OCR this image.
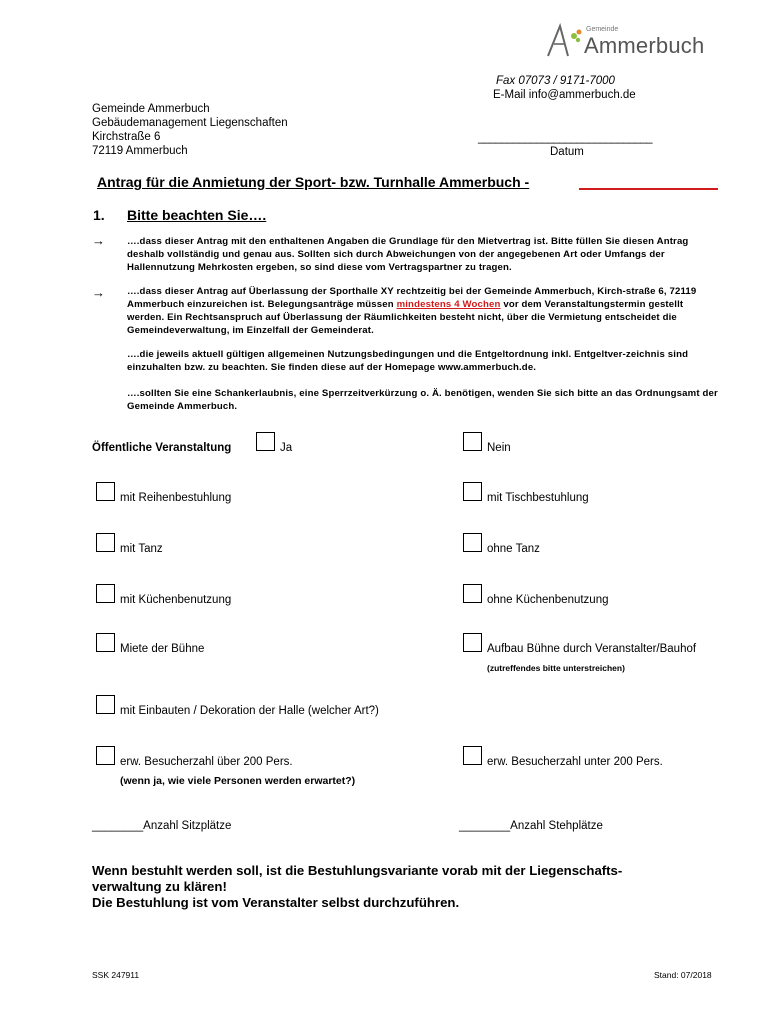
Gemeinde
Ammerbuch
Fax 07073 / 9171-7000
E-Mail info@ammerbuch.de
Gemeinde Ammerbuch
Gebäudemanagement Liegenschaften
Kirchstraße 6
72119 Ammerbuch
______________________________
Datum
Antrag für die Anmietung der Sport- bzw. Turnhalle Ammerbuch -
1. Bitte beachten Sie….
→ ….dass dieser Antrag mit den enthaltenen Angaben die Grundlage für den Mietvertrag ist. Bitte füllen Sie diesen Antrag deshalb vollständig und genau aus. Sollten sich durch Abweichungen von der angegebenen Art oder Umfangs der Hallennutzung Mehrkosten ergeben, so sind diese vom Vertragspartner zu tragen.
→ ….dass dieser Antrag auf Überlassung der Sporthalle XY rechtzeitig bei der Gemeinde Ammerbuch, Kirch-straße 6, 72119 Ammerbuch einzureichen ist. Belegungsanträge müssen mindestens 4 Wochen vor dem Veranstaltungstermin gestellt werden. Ein Rechtsanspruch auf Überlassung der Räumlichkeiten besteht nicht, über die Vermietung entscheidet die Gemeindeverwaltung, im Einzelfall der Gemeinderat.
….die jeweils aktuell gültigen allgemeinen Nutzungsbedingungen und die Entgeltordnung inkl. Entgeltver-zeichnis sind einzuhalten bzw. zu beachten. Sie finden diese auf der Homepage www.ammerbuch.de.
….sollten Sie eine Schankerlaubnis, eine Sperrzeitverkürzung o. Ä. benötigen, wenden Sie sich bitte an das Ordnungsamt der Gemeinde Ammerbuch.
Öffentliche Veranstaltung	Ja	Nein
mit Reihenbestuhlung	mit Tischbestuhlung
mit Tanz	ohne Tanz
mit Küchenbenutzung	ohne Küchenbenutzung
Miete der Bühne	Aufbau Bühne durch Veranstalter/Bauhof
(zutreffendes bitte unterstreichen)
mit Einbauten / Dekoration der Halle (welcher Art?)
erw. Besucherzahl über 200 Pers.	erw. Besucherzahl unter 200 Pers.
(wenn ja, wie viele Personen werden erwartet?)
________Anzahl Sitzplätze	________Anzahl Stehplätze
Wenn bestuhlt werden soll, ist die Bestuhlungsvariante vorab mit der Liegenschafts-
verwaltung zu klären!
Die Bestuhlung ist vom Veranstalter selbst durchzuführen.
SSK 247911	Stand: 07/2018
